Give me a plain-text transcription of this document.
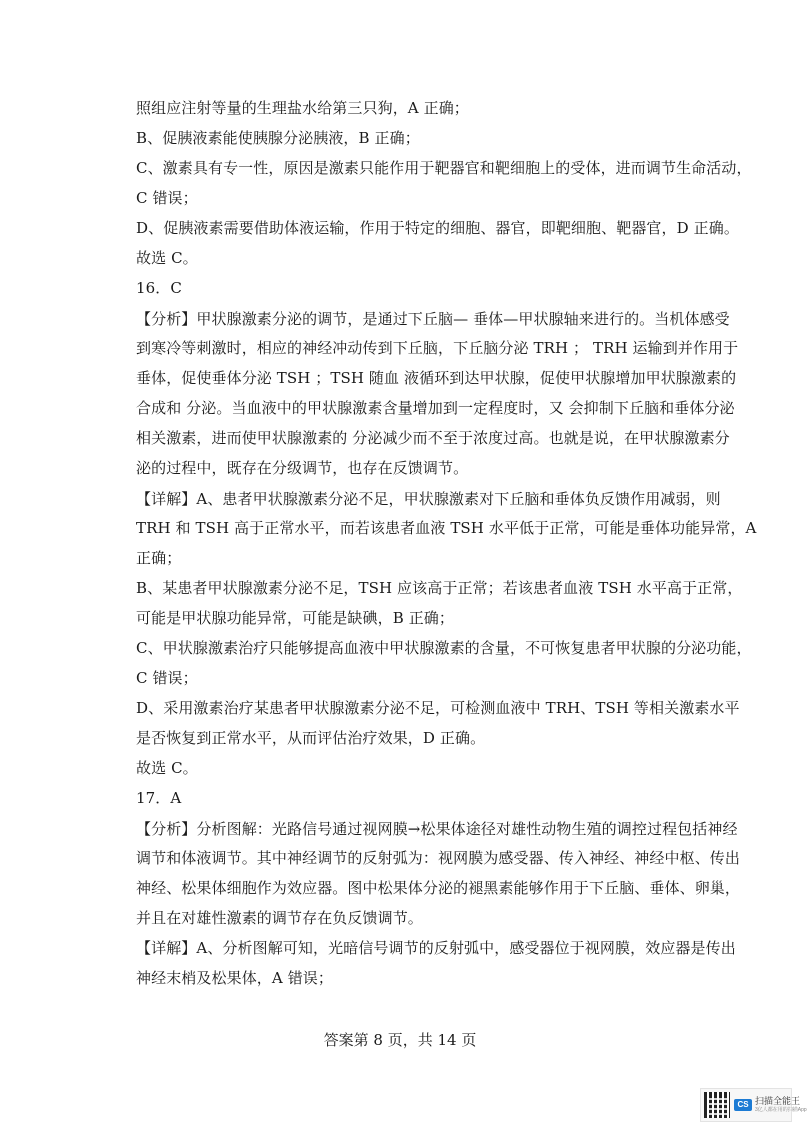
照组应注射等量的生理盐水给第三只狗，A 正确；
B、促胰液素能使胰腺分泌胰液，B 正确；
C、激素具有专一性，原因是激素只能作用于靶器官和靶细胞上的受体，进而调节生命活动，
C 错误；
D、促胰液素需要借助体液运输，作用于特定的细胞、器官，即靶细胞、靶器官，D 正确。
故选 C。
16．C
【分析】甲状腺激素分泌的调节，是通过下丘脑— 垂体—甲状腺轴来进行的。当机体感受
到寒冷等刺激时，相应的神经冲动传到下丘脑，下丘脑分泌 TRH ； TRH 运输到并作用于
垂体，促使垂体分泌 TSH ；TSH 随血 液循环到达甲状腺，促使甲状腺增加甲状腺激素的
合成和 分泌。当血液中的甲状腺激素含量增加到一定程度时，又 会抑制下丘脑和垂体分泌
相关激素，进而使甲状腺激素的 分泌减少而不至于浓度过高。也就是说，在甲状腺激素分
泌的过程中，既存在分级调节，也存在反馈调节。
【详解】A、患者甲状腺激素分泌不足，甲状腺激素对下丘脑和垂体负反馈作用减弱，则
TRH 和 TSH 高于正常水平，而若该患者血液 TSH 水平低于正常，可能是垂体功能异常，A
正确；
B、某患者甲状腺激素分泌不足，TSH 应该高于正常；若该患者血液 TSH 水平高于正常，
可能是甲状腺功能异常，可能是缺碘，B 正确；
C、甲状腺激素治疗只能够提高血液中甲状腺激素的含量，不可恢复患者甲状腺的分泌功能，
C 错误；
D、采用激素治疗某患者甲状腺激素分泌不足，可检测血液中 TRH、TSH 等相关激素水平
是否恢复到正常水平，从而评估治疗效果，D 正确。
故选 C。
17．A
【分析】分析图解：光路信号通过视网膜→松果体途径对雄性动物生殖的调控过程包括神经
调节和体液调节。其中神经调节的反射弧为：视网膜为感受器、传入神经、神经中枢、传出
神经、松果体细胞作为效应器。图中松果体分泌的褪黑素能够作用于下丘脑、垂体、卵巢，
并且在对雄性激素的调节存在负反馈调节。
【详解】A、分析图解可知，光暗信号调节的反射弧中，感受器位于视网膜，效应器是传出
神经末梢及松果体，A 错误；
答案第 8 页，共 14 页
CS 扫描全能王
3亿人都在用的扫描App
